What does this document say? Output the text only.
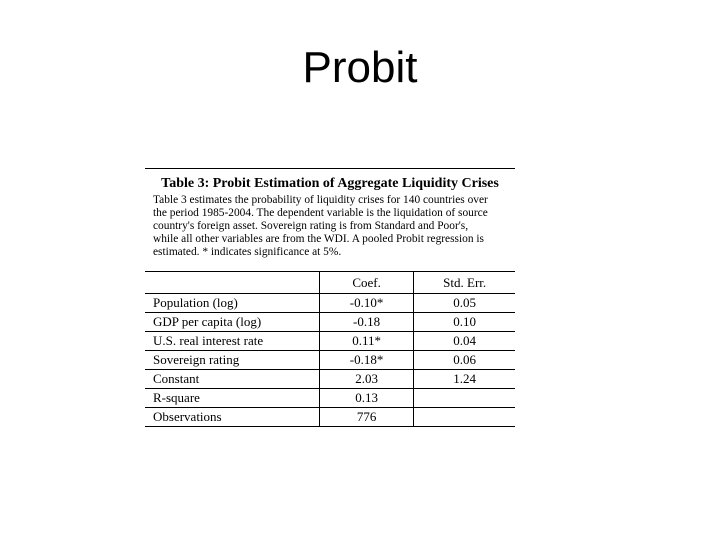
Probit
Table 3: Probit Estimation of Aggregate Liquidity Crises
Table 3 estimates the probability of liquidity crises for 140 countries over
the period 1985-2004. The dependent variable is the liquidation of source
country's foreign asset. Sovereign rating is from Standard and Poor's,
while all other variables are from the WDI. A pooled Probit regression is
estimated. * indicates significance at 5%.
	Coef.	Std. Err.
Population (log)	-0.10*	0.05
GDP per capita (log)	-0.18	0.10
U.S. real interest rate	0.11*	0.04
Sovereign rating	-0.18*	0.06
Constant	2.03	1.24
R-square	0.13	
Observations	776	
